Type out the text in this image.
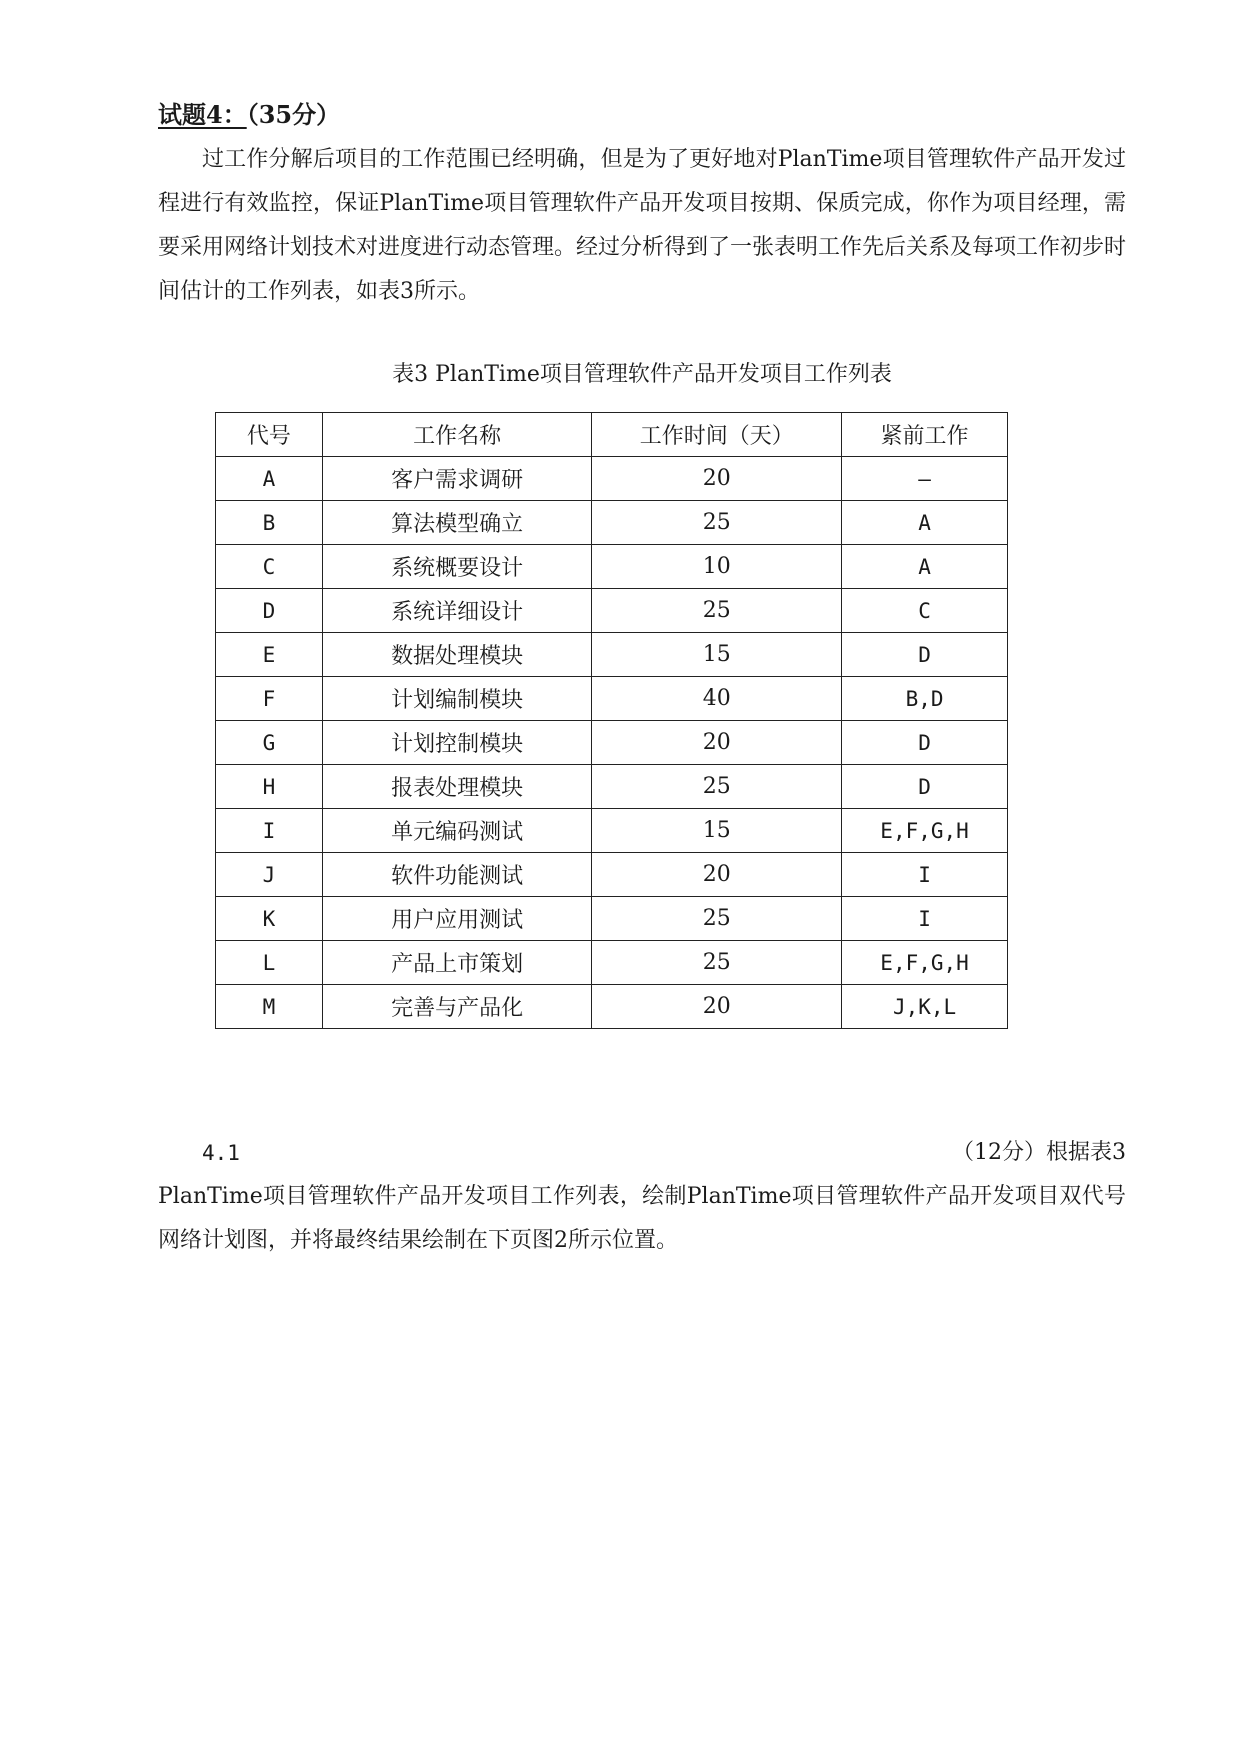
试题4：（35分）
过工作分解后项目的工作范围已经明确，但是为了更好地对PlanTime项目管理软件产品开发过程进行有效监控，保证PlanTime项目管理软件产品开发项目按期、保质完成，你作为项目经理，需要采用网络计划技术对进度进行动态管理。经过分析得到了一张表明工作先后关系及每项工作初步时间估计的工作列表，如表3所示。
表3 PlanTime项目管理软件产品开发项目工作列表
代号	工作名称	工作时间（天）	紧前工作
A	客户需求调研	20	—
B	算法模型确立	25	A
C	系统概要设计	10	A
D	系统详细设计	25	C
E	数据处理模块	15	D
F	计划编制模块	40	B,D
G	计划控制模块	20	D
H	报表处理模块	25	D
I	单元编码测试	15	E,F,G,H
J	软件功能测试	20	I
K	用户应用测试	25	I
L	产品上市策划	25	E,F,G,H
M	完善与产品化	20	J,K,L
4.1	（12分）根据表3
PlanTime项目管理软件产品开发项目工作列表，绘制PlanTime项目管理软件产品开发项目双代号网络计划图，并将最终结果绘制在下页图2所示位置。
